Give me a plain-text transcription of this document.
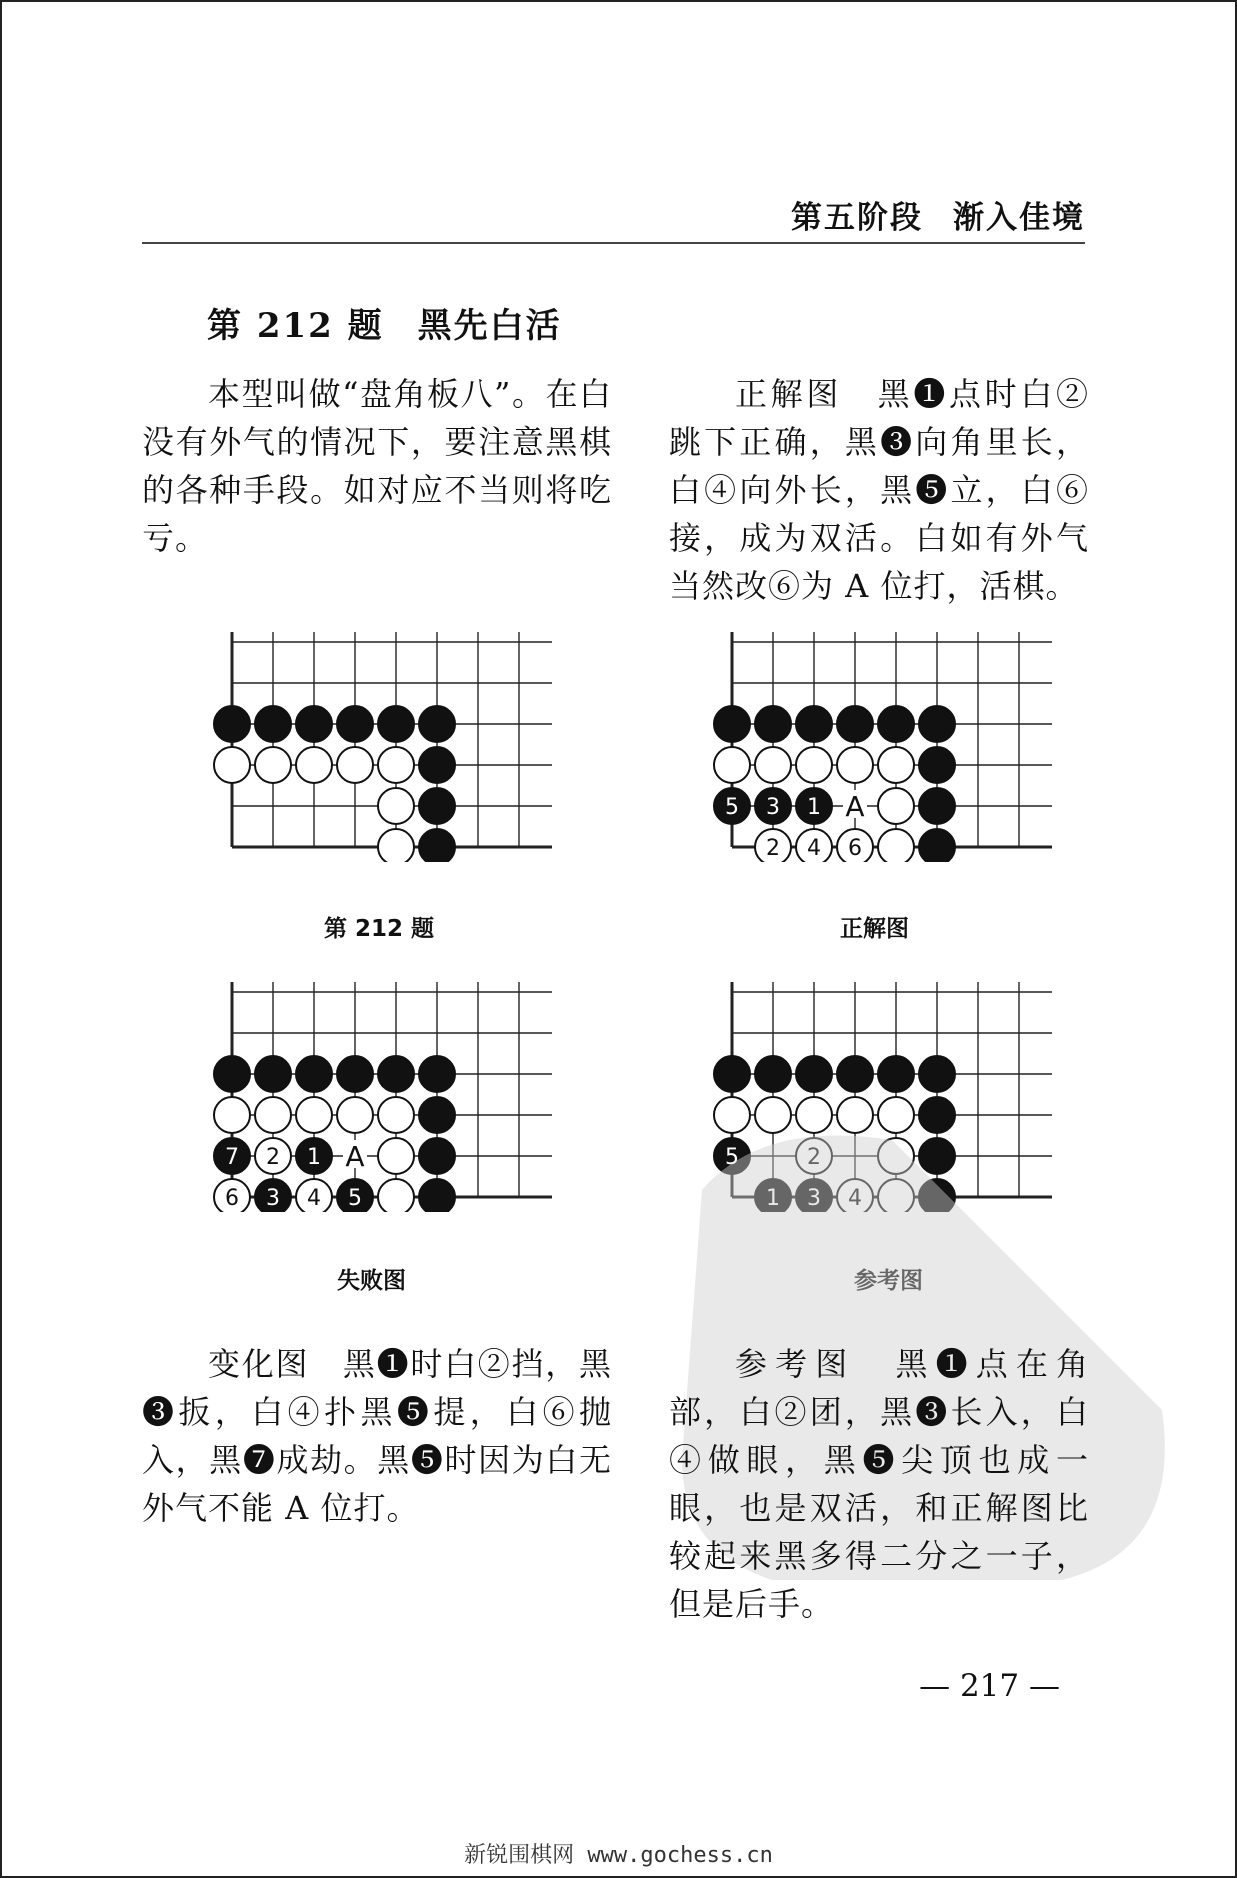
第五阶段 渐入佳境
第 212 题 黑先白活
本型叫做“盘角板八”。在白没有外气的情况下，要注意黑棋的各种手段。如对应不当则将吃亏。
正解图　黑❶点时白②跳下正确，黑❸向角里长，白④向外长，黑❺立，白⑥接，成为双活。白如有外气当然改⑥为 A 位打，活棋。
A
5 3 1
2 4 6
第 212 题	正解图
A
7 2 1
6 3 4 5
5	2
1 3 4
失败图	参考图
变化图　黑❶时白②挡，黑❸扳，白④扑黑❺提，白⑥抛入，黑❼成劫。黑❺时因为白无外气不能 A 位打。
参考图　黑❶点在角部，白②团，黑❸长入，白④做眼，黑❺尖顶也成一眼，也是双活，和正解图比较起来黑多得二分之一子，但是后手。
— 217 —
新锐围棋网 www.gochess.cn
